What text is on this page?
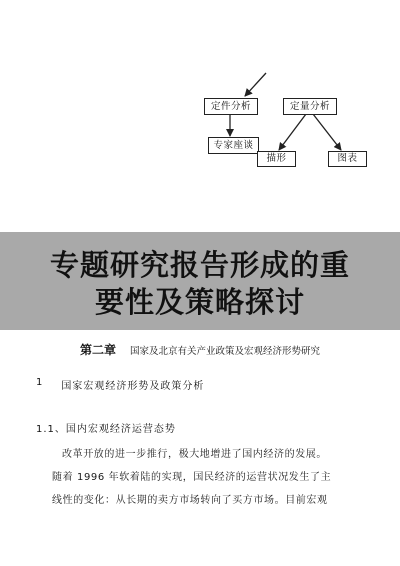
定件分析	定量分析
专家座谈
描形	图表
专题研究报告形成的重
要性及策略探讨
第二章 国家及北京有关产业政策及宏观经济形势研究
1 国家宏观经济形势及政策分析
1.1、国内宏观经济运营态势
改革开放的进一步推行，极大地增进了国内经济的发展。
随着 1996 年软着陆的实现，国民经济的运营状况发生了主
线性的变化：从长期的卖方市场转向了买方市场。目前宏观
